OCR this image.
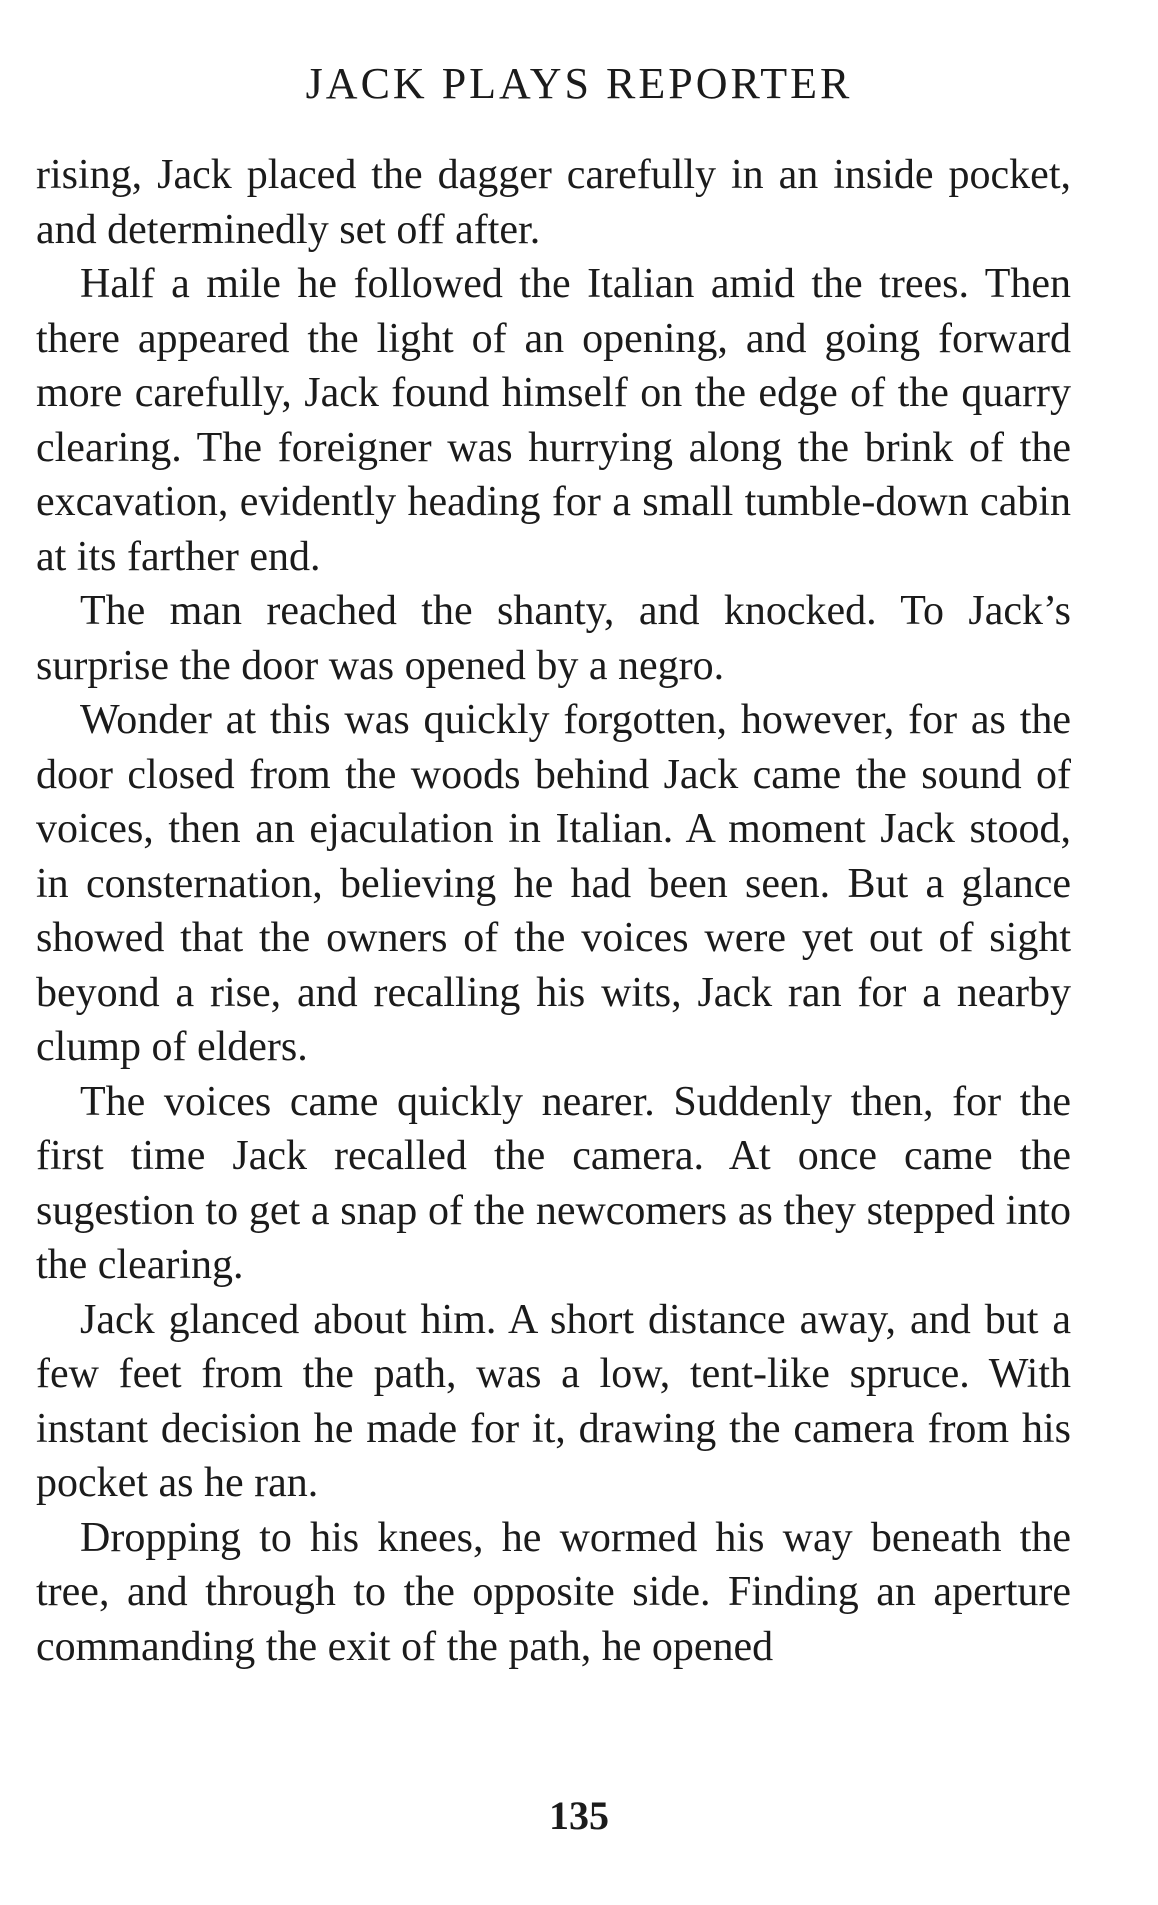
JACK PLAYS REPORTER

rising, Jack placed the dagger carefully in an inside pocket, and determinedly set off after.

Half a mile he followed the Italian amid the trees. Then there appeared the light of an opening, and going forward more carefully, Jack found himself on the edge of the quarry clearing. The foreigner was hurrying along the brink of the excavation, evidently heading for a small tumble-down cabin at its farther end.

The man reached the shanty, and knocked. To Jack’s surprise the door was opened by a negro.

Wonder at this was quickly forgotten, however, for as the door closed from the woods behind Jack came the sound of voices, then an ejaculation in Italian. A moment Jack stood, in consternation, believing he had been seen. But a glance showed that the owners of the voices were yet out of sight beyond a rise, and recalling his wits, Jack ran for a nearby clump of elders.

The voices came quickly nearer. Suddenly then, for the first time Jack recalled the camera. At once came the sugestion to get a snap of the newcomers as they stepped into the clearing.

Jack glanced about him. A short distance away, and but a few feet from the path, was a low, tent-like spruce. With instant decision he made for it, drawing the camera from his pocket as he ran.

Dropping to his knees, he wormed his way beneath the tree, and through to the opposite side. Finding an aperture commanding the exit of the path, he opened

135
